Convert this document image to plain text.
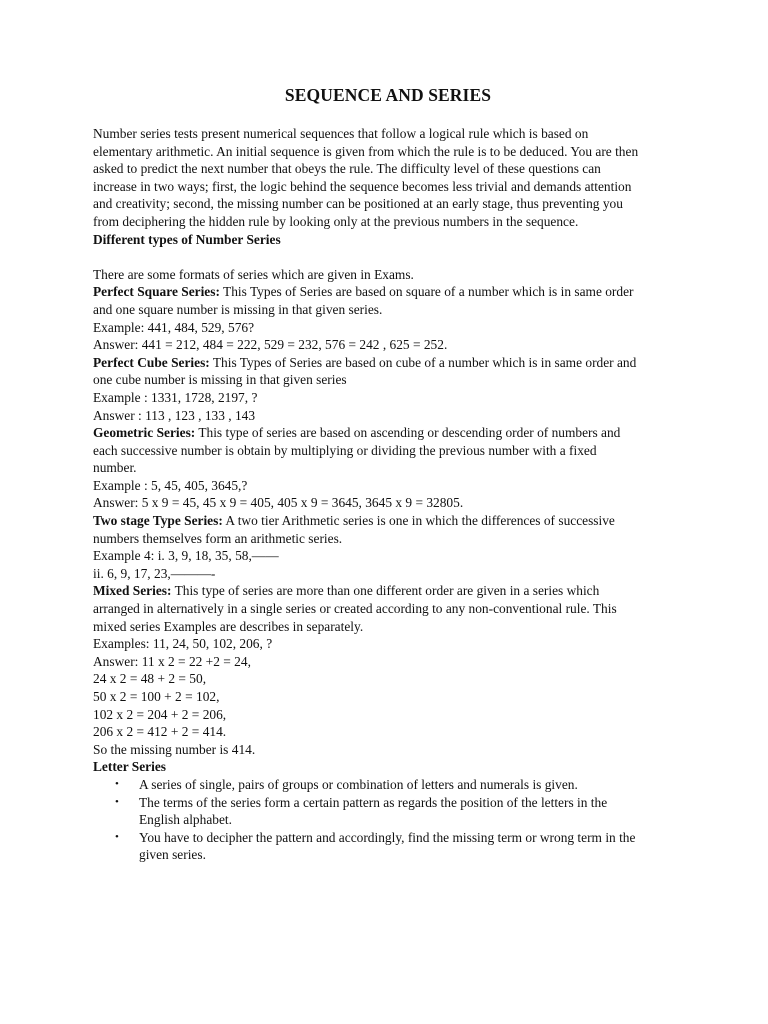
SEQUENCE AND SERIES
Number series tests present numerical sequences that follow a logical rule which is based on
elementary arithmetic. An initial sequence is given from which the rule is to be deduced. You are then
asked to predict the next number that obeys the rule. The difficulty level of these questions can
increase in two ways; first, the logic behind the sequence becomes less trivial and demands attention
and creativity; second, the missing number can be positioned at an early stage, thus preventing you
from deciphering the hidden rule by looking only at the previous numbers in the sequence.
Different types of Number Series
There are some formats of series which are given in Exams.
Perfect Square Series: This Types of Series are based on square of a number which is in same order
and one square number is missing in that given series.
Example: 441, 484, 529, 576?
Answer: 441 = 212, 484 = 222, 529 = 232, 576 = 242 , 625 = 252.
Perfect Cube Series: This Types of Series are based on cube of a number which is in same order and
one cube number is missing in that given series
Example : 1331, 1728, 2197, ?
Answer : 113 , 123 , 133 , 143
Geometric Series: This type of series are based on ascending or descending order of numbers and
each successive number is obtain by multiplying or dividing the previous number with a fixed
number.
Example : 5, 45, 405, 3645,?
Answer: 5 x 9 = 45, 45 x 9 = 405, 405 x 9 = 3645, 3645 x 9 = 32805.
Two stage Type Series: A two tier Arithmetic series is one in which the differences of successive
numbers themselves form an arithmetic series.
Example 4: i. 3, 9, 18, 35, 58,——
ii. 6, 9, 17, 23,———-
Mixed Series: This type of series are more than one different order are given in a series which
arranged in alternatively in a single series or created according to any non-conventional rule. This
mixed series Examples are describes in separately.
Examples: 11, 24, 50, 102, 206, ?
Answer: 11 x 2 = 22 +2 = 24,
24 x 2 = 48 + 2 = 50,
50 x 2 = 100 + 2 = 102,
102 x 2 = 204 + 2 = 206,
206 x 2 = 412 + 2 = 414.
So the missing number is 414.
Letter Series
• A series of single, pairs of groups or combination of letters and numerals is given.
• The terms of the series form a certain pattern as regards the position of the letters in the
English alphabet.
• You have to decipher the pattern and accordingly, find the missing term or wrong term in the
given series.
